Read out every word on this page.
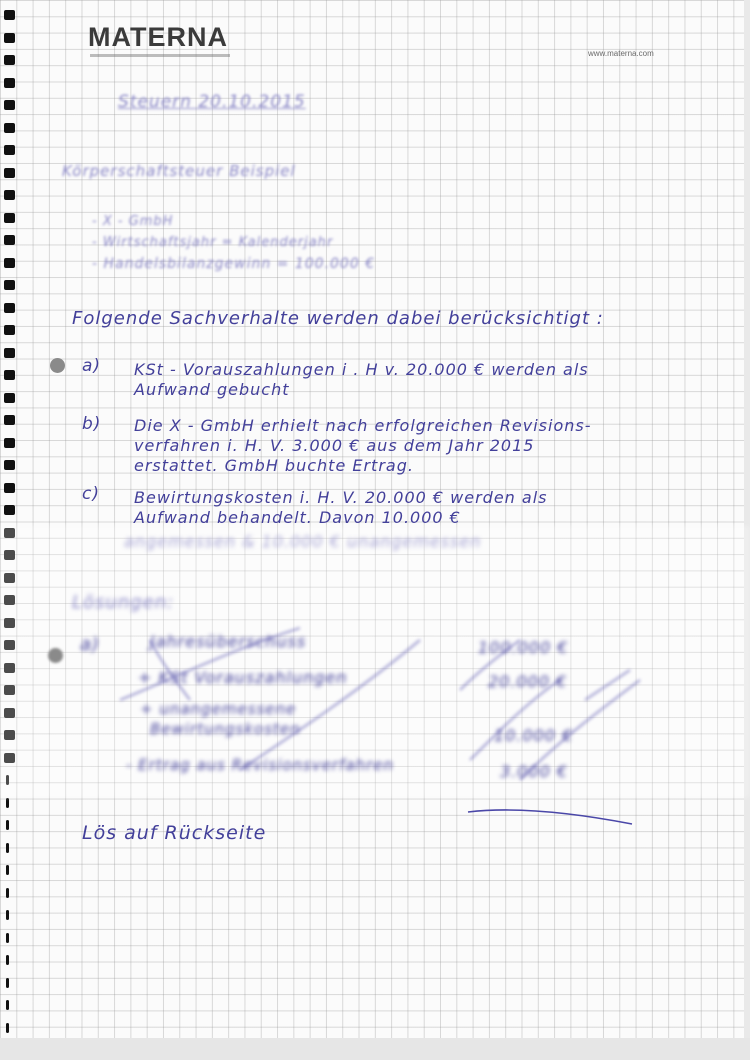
MATERNA
www.materna.com
Steuern 20.10.2015
Körperschaftsteuer Beispiel
- X - GmbH
- Wirtschaftsjahr = Kalenderjahr
- Handelsbilanzgewinn = 100.000 €
Folgende Sachverhalte werden dabei berücksichtigt :
a) KSt - Vorauszahlungen i . H v. 20.000 € werden als
Aufwand gebucht
b) Die X - GmbH erhielt nach erfolgreichen Revisions-
verfahren i. H. V. 3.000 € aus dem Jahr 2015
erstattet. GmbH buchte Ertrag.
c) Bewirtungskosten i. H. V. 20.000 € werden als
Aufwand behandelt. Davon 10.000 €
angemessen & 10.000 € unangemessen
Lösungen:
a)	Jahresüberschuss	100.000 €
+ KSt Vorauszahlungen	20.000 €
+ unangemessene
Bewirtungskosten	10.000 €
- Ertrag aus Revisionsverfahren	3.000 €
Lös auf Rückseite
